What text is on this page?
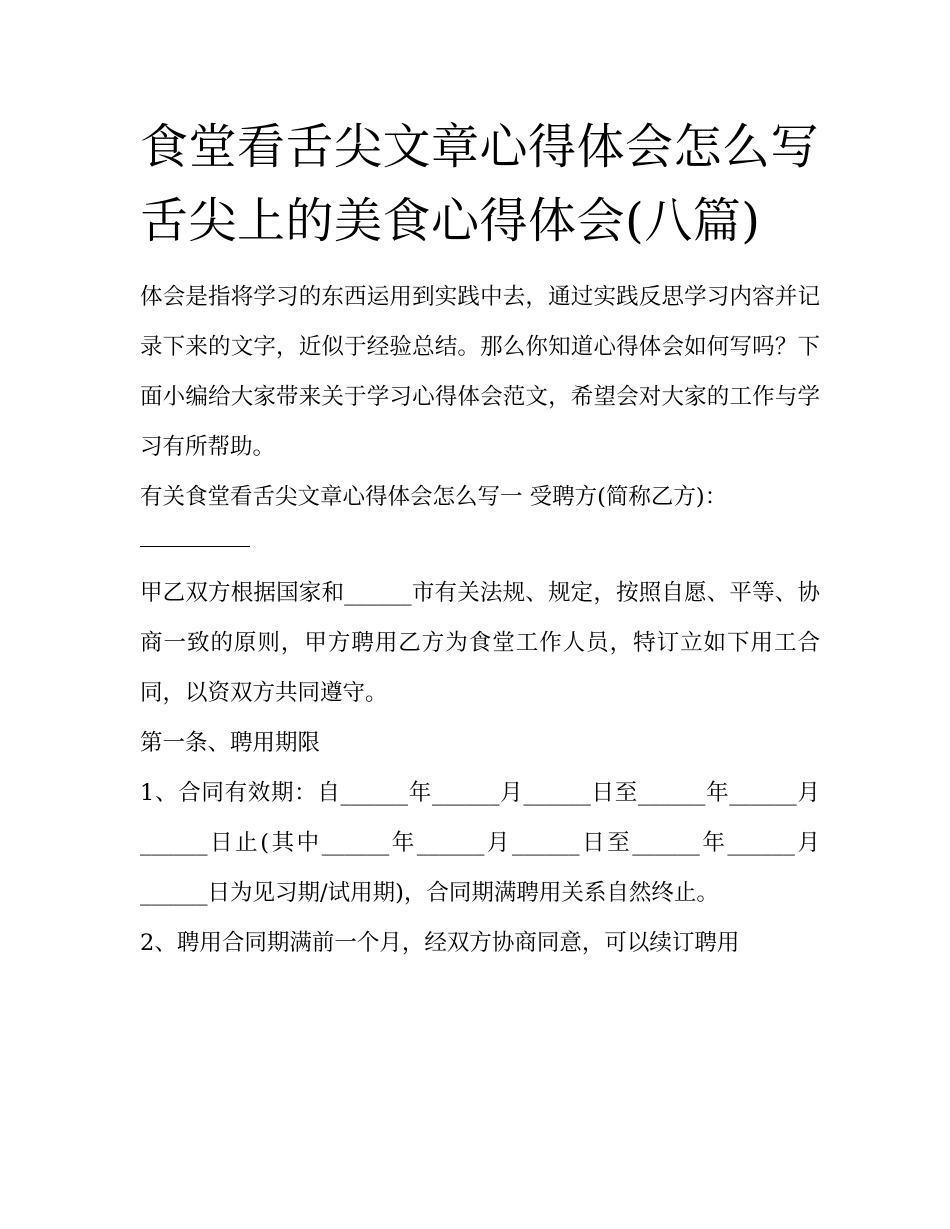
食堂看舌尖文章心得体会怎么写 舌尖上的美食心得体会(八篇)

体会是指将学习的东西运用到实践中去，通过实践反思学习内容并记录下来的文字，近似于经验总结。那么你知道心得体会如何写吗？下面小编给大家带来关于学习心得体会范文，希望会对大家的工作与学习有所帮助。

有关食堂看舌尖文章心得体会怎么写一 受聘方(简称乙方)：

甲乙双方根据国家和______市有关法规、规定，按照自愿、平等、协商一致的原则，甲方聘用乙方为食堂工作人员，特订立如下用工合同，以资双方共同遵守。

第一条、聘用期限

1、合同有效期：自______年______月______日至______年______月______日止(其中______年______月______日至______年______月______日为见习期/试用期)，合同期满聘用关系自然终止。

2、聘用合同期满前一个月，经双方协商同意，可以续订聘用
